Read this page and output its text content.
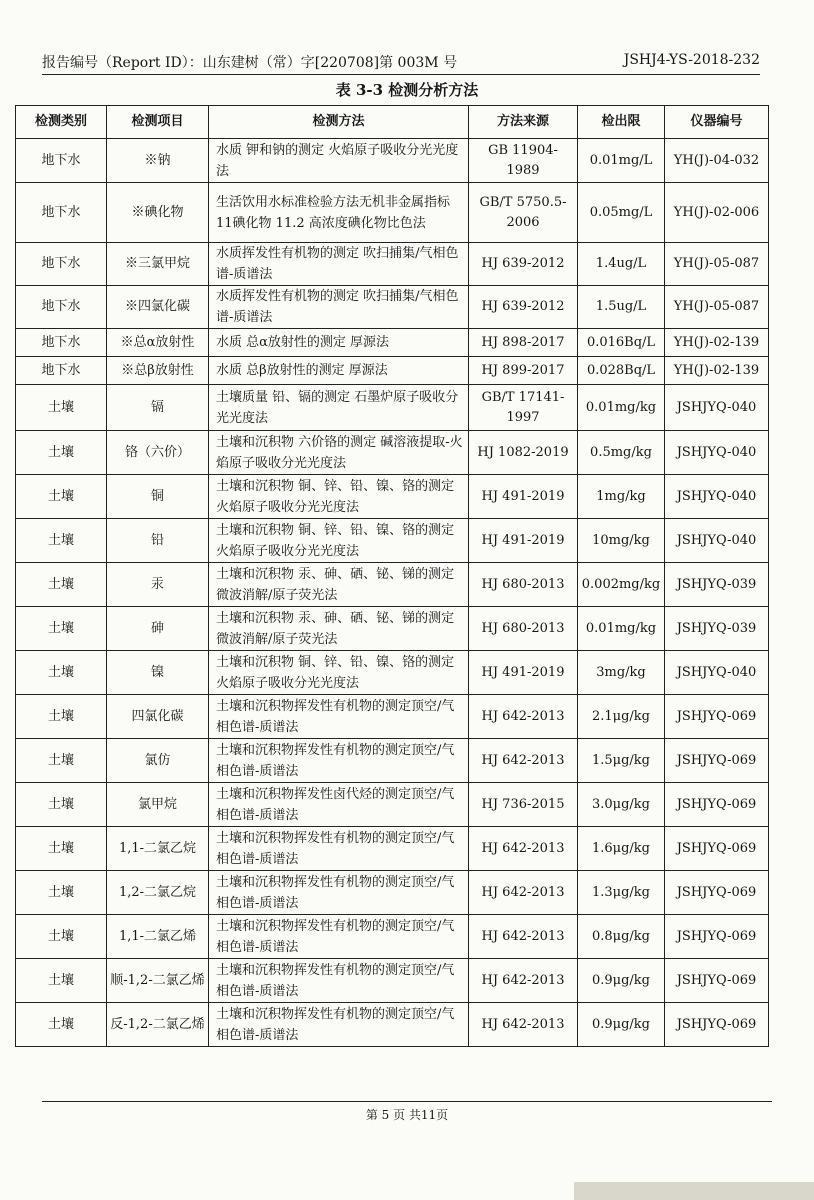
报告编号（Report ID）：山东建树（常）字[220708]第 003M 号	JSHJ4-YS-2018-232
表 3-3 检测分析方法
检测类别	检测项目	检测方法	方法来源	检出限	仪器编号
地下水	※钠	水质 钾和钠的测定 火焰原子吸收分光光度法	GB 11904-1989	0.01mg/L	YH(J)-04-032
地下水	※碘化物	生活饮用水标准检验方法无机非金属指标 11碘化物 11.2 高浓度碘化物比色法	GB/T 5750.5-2006	0.05mg/L	YH(J)-02-006
地下水	※三氯甲烷	水质挥发性有机物的测定 吹扫捕集/气相色谱-质谱法	HJ 639-2012	1.4ug/L	YH(J)-05-087
地下水	※四氯化碳	水质挥发性有机物的测定 吹扫捕集/气相色谱-质谱法	HJ 639-2012	1.5ug/L	YH(J)-05-087
地下水	※总α放射性	水质 总α放射性的测定 厚源法	HJ 898-2017	0.016Bq/L	YH(J)-02-139
地下水	※总β放射性	水质 总β放射性的测定 厚源法	HJ 899-2017	0.028Bq/L	YH(J)-02-139
土壤	镉	土壤质量 铅、镉的测定 石墨炉原子吸收分光光度法	GB/T 17141-1997	0.01mg/kg	JSHJYQ-040
土壤	铬（六价）	土壤和沉积物 六价铬的测定 碱溶液提取-火焰原子吸收分光光度法	HJ 1082-2019	0.5mg/kg	JSHJYQ-040
土壤	铜	土壤和沉积物 铜、锌、铅、镍、铬的测定 火焰原子吸收分光光度法	HJ 491-2019	1mg/kg	JSHJYQ-040
土壤	铅	土壤和沉积物 铜、锌、铅、镍、铬的测定 火焰原子吸收分光光度法	HJ 491-2019	10mg/kg	JSHJYQ-040
土壤	汞	土壤和沉积物 汞、砷、硒、铋、锑的测定 微波消解/原子荧光法	HJ 680-2013	0.002mg/kg	JSHJYQ-039
土壤	砷	土壤和沉积物 汞、砷、硒、铋、锑的测定 微波消解/原子荧光法	HJ 680-2013	0.01mg/kg	JSHJYQ-039
土壤	镍	土壤和沉积物 铜、锌、铅、镍、铬的测定 火焰原子吸收分光光度法	HJ 491-2019	3mg/kg	JSHJYQ-040
土壤	四氯化碳	土壤和沉积物挥发性有机物的测定顶空/气相色谱-质谱法	HJ 642-2013	2.1μg/kg	JSHJYQ-069
土壤	氯仿	土壤和沉积物挥发性有机物的测定顶空/气相色谱-质谱法	HJ 642-2013	1.5μg/kg	JSHJYQ-069
土壤	氯甲烷	土壤和沉积物挥发性卤代烃的测定顶空/气相色谱-质谱法	HJ 736-2015	3.0μg/kg	JSHJYQ-069
土壤	1,1-二氯乙烷	土壤和沉积物挥发性有机物的测定顶空/气相色谱-质谱法	HJ 642-2013	1.6μg/kg	JSHJYQ-069
土壤	1,2-二氯乙烷	土壤和沉积物挥发性有机物的测定顶空/气相色谱-质谱法	HJ 642-2013	1.3μg/kg	JSHJYQ-069
土壤	1,1-二氯乙烯	土壤和沉积物挥发性有机物的测定顶空/气相色谱-质谱法	HJ 642-2013	0.8μg/kg	JSHJYQ-069
土壤	顺-1,2-二氯乙烯	土壤和沉积物挥发性有机物的测定顶空/气相色谱-质谱法	HJ 642-2013	0.9μg/kg	JSHJYQ-069
土壤	反-1,2-二氯乙烯	土壤和沉积物挥发性有机物的测定顶空/气相色谱-质谱法	HJ 642-2013	0.9μg/kg	JSHJYQ-069
第 5 页 共11页
